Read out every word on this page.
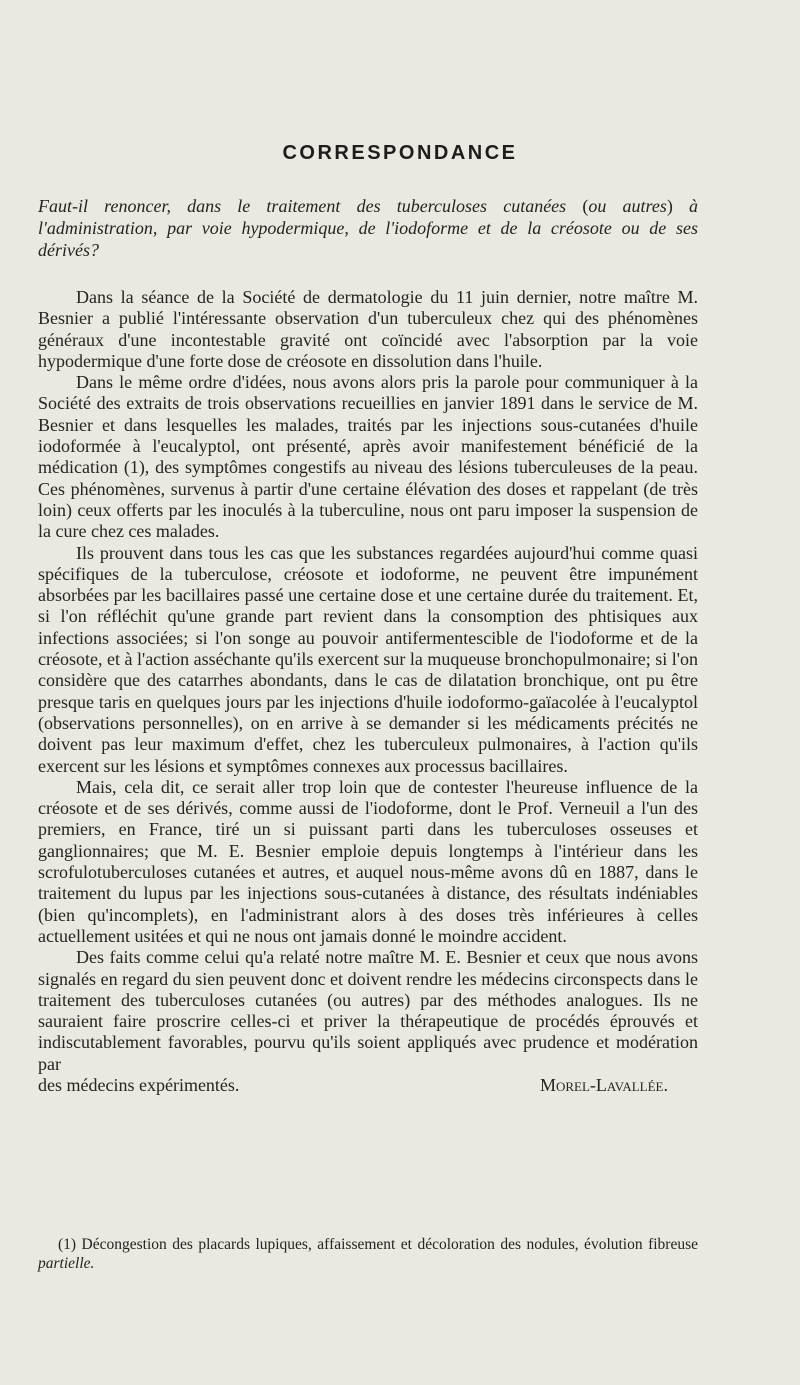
CORRESPONDANCE
Faut-il renoncer, dans le traitement des tuberculoses cutanées (ou autres) à l'administration, par voie hypodermique, de l'iodoforme et de la créosote ou de ses dérivés?

Dans la séance de la Société de dermatologie du 11 juin dernier, notre maître M. Besnier a publié l'intéressante observation d'un tuberculeux chez qui des phénomènes généraux d'une incontestable gravité ont coïncidé avec l'absorption par la voie hypodermique d'une forte dose de créosote en dissolution dans l'huile.

Dans le même ordre d'idées, nous avons alors pris la parole pour communiquer à la Société des extraits de trois observations recueillies en janvier 1891 dans le service de M. Besnier et dans lesquelles les malades, traités par les injections sous-cutanées d'huile iodoformée à l'eucalyptol, ont présenté, après avoir manifestement bénéficié de la médication (1), des symptômes congestifs au niveau des lésions tuberculeuses de la peau. Ces phénomènes, survenus à partir d'une certaine élévation des doses et rappelant (de très loin) ceux offerts par les inoculés à la tuberculine, nous ont paru imposer la suspension de la cure chez ces malades.

Ils prouvent dans tous les cas que les substances regardées aujourd'hui comme quasi spécifiques de la tuberculose, créosote et iodoforme, ne peuvent être impunément absorbées par les bacillaires passé une certaine dose et une certaine durée du traitement. Et, si l'on réfléchit qu'une grande part revient dans la consomption des phtisiques aux infections associées; si l'on songe au pouvoir antifermentescible de l'iodoforme et de la créosote, et à l'action asséchante qu'ils exercent sur la muqueuse bronchopulmonaire; si l'on considère que des catarrhes abondants, dans le cas de dilatation bronchique, ont pu être presque taris en quelques jours par les injections d'huile iodoformo-gaïacolée à l'eucalyptol (observations personnelles), on en arrive à se demander si les médicaments précités ne doivent pas leur maximum d'effet, chez les tuberculeux pulmonaires, à l'action qu'ils exercent sur les lésions et symptômes connexes aux processus bacillaires.

Mais, cela dit, ce serait aller trop loin que de contester l'heureuse influence de la créosote et de ses dérivés, comme aussi de l'iodoforme, dont le Prof. Verneuil a l'un des premiers, en France, tiré un si puissant parti dans les tuberculoses osseuses et ganglionnaires; que M. E. Besnier emploie depuis longtemps à l'intérieur dans les scrofulotuberculoses cutanées et autres, et auquel nous-même avons dû en 1887, dans le traitement du lupus par les injections sous-cutanées à distance, des résultats indéniables (bien qu'incomplets), en l'administrant alors à des doses très inférieures à celles actuellement usitées et qui ne nous ont jamais donné le moindre accident.

Des faits comme celui qu'a relaté notre maître M. E. Besnier et ceux que nous avons signalés en regard du sien peuvent donc et doivent rendre les médecins circonspects dans le traitement des tuberculoses cutanées (ou autres) par des méthodes analogues. Ils ne sauraient faire proscrire celles-ci et priver la thérapeutique de procédés éprouvés et indiscutablement favorables, pourvu qu'ils soient appliqués avec prudence et modération par

des médecins expérimentés.	Morel-Lavallée.
(1) Décongestion des placards lupiques, affaissement et décoloration des nodules, évolution fibreuse partielle.
